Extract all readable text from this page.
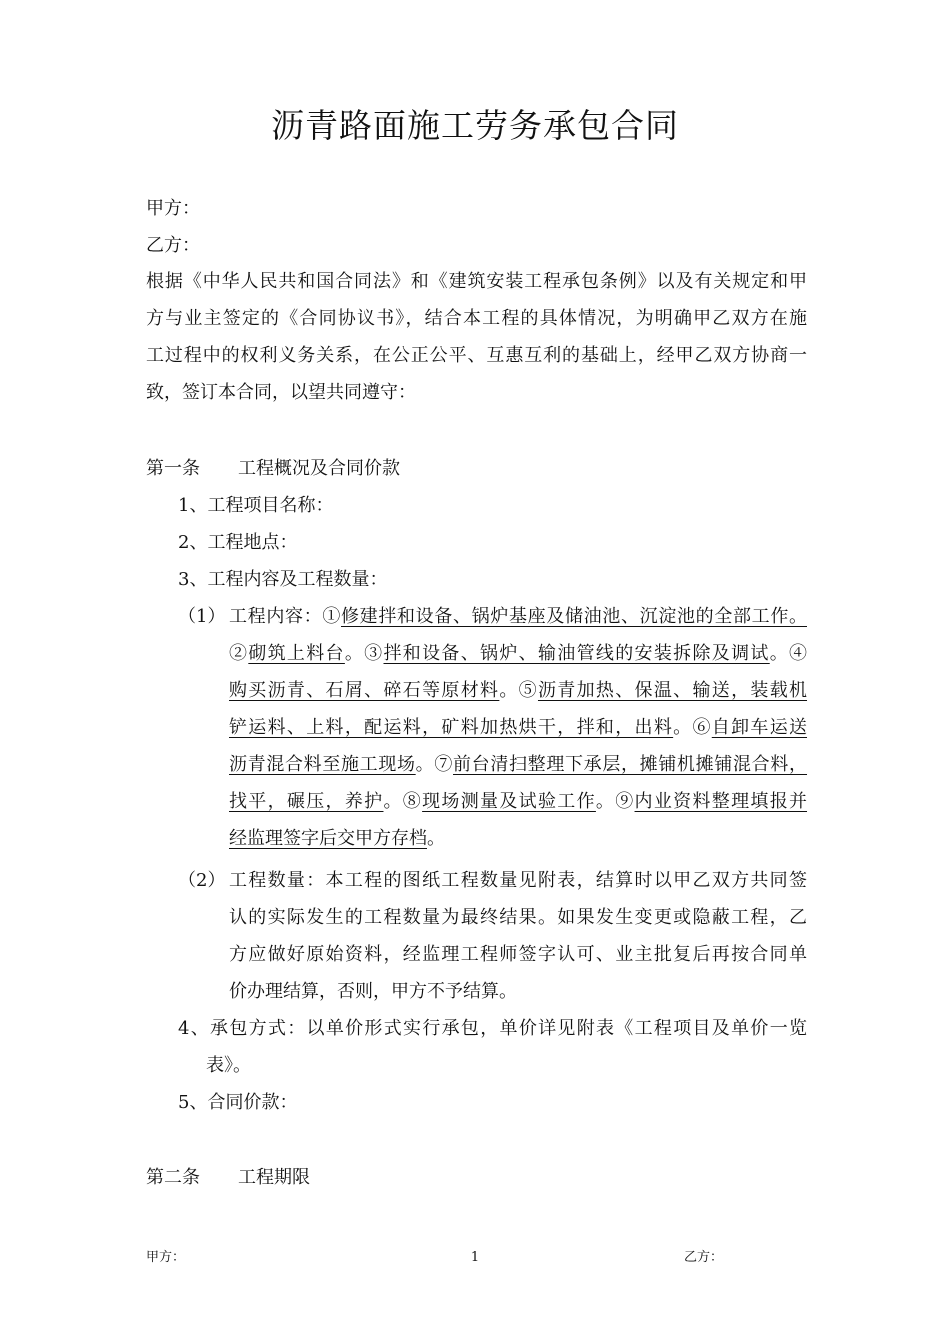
沥青路面施工劳务承包合同
甲方：
乙方：
根据《中华人民共和国合同法》和《建筑安装工程承包条例》以及有关规定和甲
方与业主签定的《合同协议书》，结合本工程的具体情况，为明确甲乙双方在施
工过程中的权利义务关系，在公正公平、互惠互利的基础上，经甲乙双方协商一
致，签订本合同，以望共同遵守：
第一条 工程概况及合同价款
1、工程项目名称：
2、工程地点：
3、工程内容及工程数量：
（1） 工程内容：①修建拌和设备、锅炉基座及储油池、沉淀池的全部工作。
②砌筑上料台。③拌和设备、锅炉、输油管线的安装拆除及调试。④
购买沥青、石屑、碎石等原材料。⑤沥青加热、保温、输送，装载机
铲运料、上料，配运料，矿料加热烘干，拌和，出料。⑥自卸车运送
沥青混合料至施工现场。⑦前台清扫整理下承层，摊铺机摊铺混合料，
找平，碾压，养护。⑧现场测量及试验工作。⑨内业资料整理填报并
经监理签字后交甲方存档。
（2） 工程数量：本工程的图纸工程数量见附表，结算时以甲乙双方共同签
认的实际发生的工程数量为最终结果。如果发生变更或隐蔽工程，乙
方应做好原始资料，经监理工程师签字认可、业主批复后再按合同单
价办理结算，否则，甲方不予结算。
4、承包方式：以单价形式实行承包，单价详见附表《工程项目及单价一览
表》。
5、合同价款：
第二条 工程期限
甲方：	1	乙方：
